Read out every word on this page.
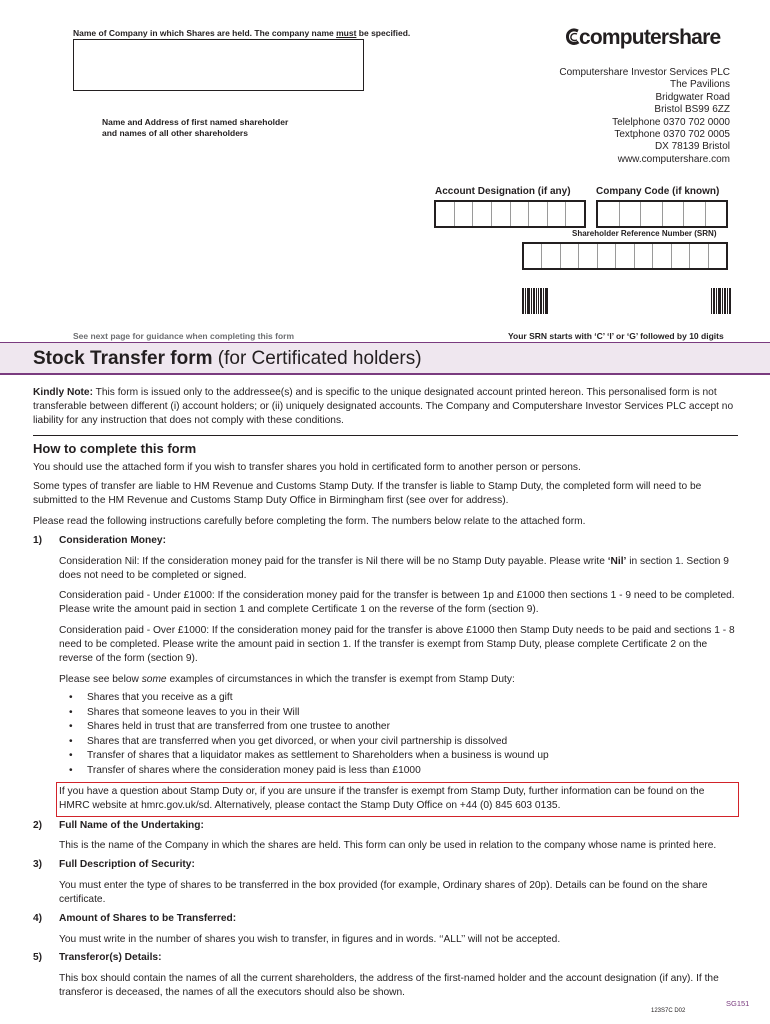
Name of Company in which Shares are held. The company name must be specified.
Name and Address of first named shareholder
and names of all other shareholders
computershare
Computershare Investor Services PLC
The Pavilions
Bridgwater Road
Bristol BS99 6ZZ
Telelphone 0370 702 0000
Textphone 0370 702 0005
DX 78139 Bristol
www.computershare.com
Account Designation (if any)	Company Code (if known)
Shareholder Reference Number (SRN)
See next page for guidance when completing this form	Your SRN starts with ‘C’ ‘I’ or ‘G’ followed by 10 digits
Stock Transfer form (for Certificated holders)
Kindly Note: This form is issued only to the addressee(s) and is specific to the unique designated account printed hereon. This personalised form is not transferable between different (i) account holders; or (ii) uniquely designated accounts. The Company and Computershare Investor Services PLC accept no liability for any instruction that does not comply with these conditions.
How to complete this form
You should use the attached form if you wish to transfer shares you hold in certificated form to another person or persons.
Some types of transfer are liable to HM Revenue and Customs Stamp Duty. If the transfer is liable to Stamp Duty, the completed form will need to be submitted to the HM Revenue and Customs Stamp Duty Office in Birmingham first (see over for address).
Please read the following instructions carefully before completing the form. The numbers below relate to the attached form.
1) Consideration Money:
Consideration Nil: If the consideration money paid for the transfer is Nil there will be no Stamp Duty payable. Please write ‘Nil’ in section 1. Section 9 does not need to be completed or signed.
Consideration paid - Under £1000: If the consideration money paid for the transfer is between 1p and £1000 then sections 1 - 9 need to be completed. Please write the amount paid in section 1 and complete Certificate 1 on the reverse of the form (section 9).
Consideration paid - Over £1000: If the consideration money paid for the transfer is above £1000 then Stamp Duty needs to be paid and sections 1 - 8 need to be completed. Please write the amount paid in section 1. If the transfer is exempt from Stamp Duty, please complete Certificate 2 on the reverse of the form (section 9).
Please see below some examples of circumstances in which the transfer is exempt from Stamp Duty:
• Shares that you receive as a gift
• Shares that someone leaves to you in their Will
• Shares held in trust that are transferred from one trustee to another
• Shares that are transferred when you get divorced, or when your civil partnership is dissolved
• Transfer of shares that a liquidator makes as settlement to Shareholders when a business is wound up
• Transfer of shares where the consideration money paid is less than £1000
If you have a question about Stamp Duty or, if you are unsure if the transfer is exempt from Stamp Duty, further information can be found on the HMRC website at hmrc.gov.uk/sd. Alternatively, please contact the Stamp Duty Office on +44 (0) 845 603 0135.
2) Full Name of the Undertaking:
This is the name of the Company in which the shares are held. This form can only be used in relation to the company whose name is printed here.
3) Full Description of Security:
You must enter the type of shares to be transferred in the box provided (for example, Ordinary shares of 20p). Details can be found on the share certificate.
4) Amount of Shares to be Transferred:
You must write in the number of shares you wish to transfer, in figures and in words. ‘‘ALL’’ will not be accepted.
5) Transferor(s) Details:
This box should contain the names of all the current shareholders, the address of the first-named holder and the account designation (if any). If the transferor is deceased, the names of all the executors should also be shown.
SG151
123S7C D02
